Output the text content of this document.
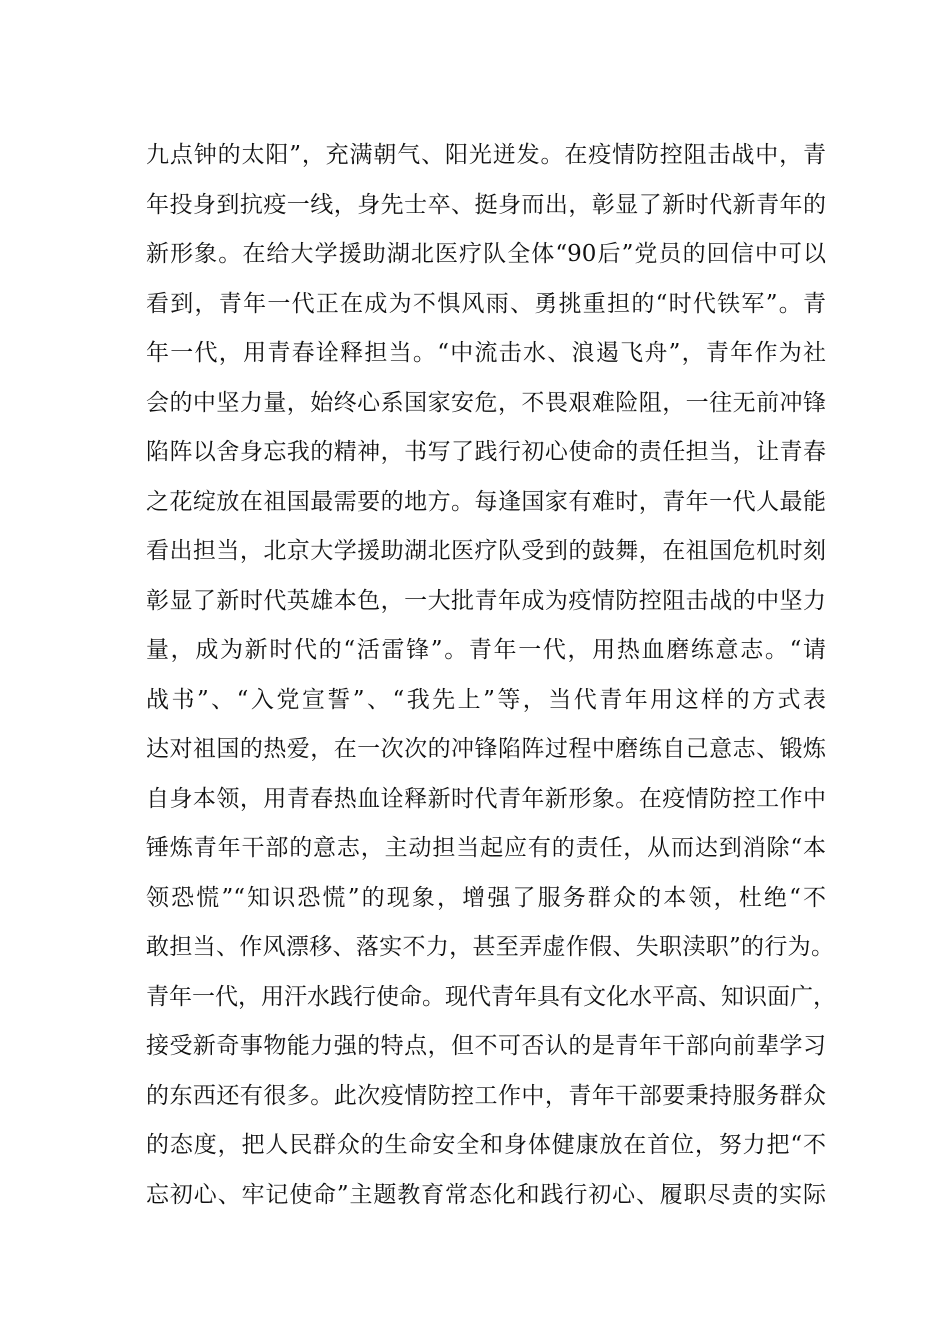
九点钟的太阳”，充满朝气、阳光迸发。在疫情防控阻击战中，青
年投身到抗疫一线，身先士卒、挺身而出，彰显了新时代新青年的
新形象。在给大学援助湖北医疗队全体“90后”党员的回信中可以
看到，青年一代正在成为不惧风雨、勇挑重担的“时代铁军”。青
年一代，用青春诠释担当。“中流击水、浪遏飞舟”，青年作为社
会的中坚力量，始终心系国家安危，不畏艰难险阻，一往无前冲锋
陷阵以舍身忘我的精神，书写了践行初心使命的责任担当，让青春
之花绽放在祖国最需要的地方。每逢国家有难时，青年一代人最能
看出担当，北京大学援助湖北医疗队受到的鼓舞，在祖国危机时刻
彰显了新时代英雄本色，一大批青年成为疫情防控阻击战的中坚力
量，成为新时代的“活雷锋”。青年一代，用热血磨练意志。“请
战书”、“入党宣誓”、“我先上”等，当代青年用这样的方式表
达对祖国的热爱，在一次次的冲锋陷阵过程中磨练自己意志、锻炼
自身本领，用青春热血诠释新时代青年新形象。在疫情防控工作中
锤炼青年干部的意志，主动担当起应有的责任，从而达到消除“本
领恐慌”“知识恐慌”的现象，增强了服务群众的本领，杜绝“不
敢担当、作风漂移、落实不力，甚至弄虚作假、失职渎职”的行为。
青年一代，用汗水践行使命。现代青年具有文化水平高、知识面广，
接受新奇事物能力强的特点，但不可否认的是青年干部向前辈学习
的东西还有很多。此次疫情防控工作中，青年干部要秉持服务群众
的态度，把人民群众的生命安全和身体健康放在首位，努力把“不
忘初心、牢记使命”主题教育常态化和践行初心、履职尽责的实际
